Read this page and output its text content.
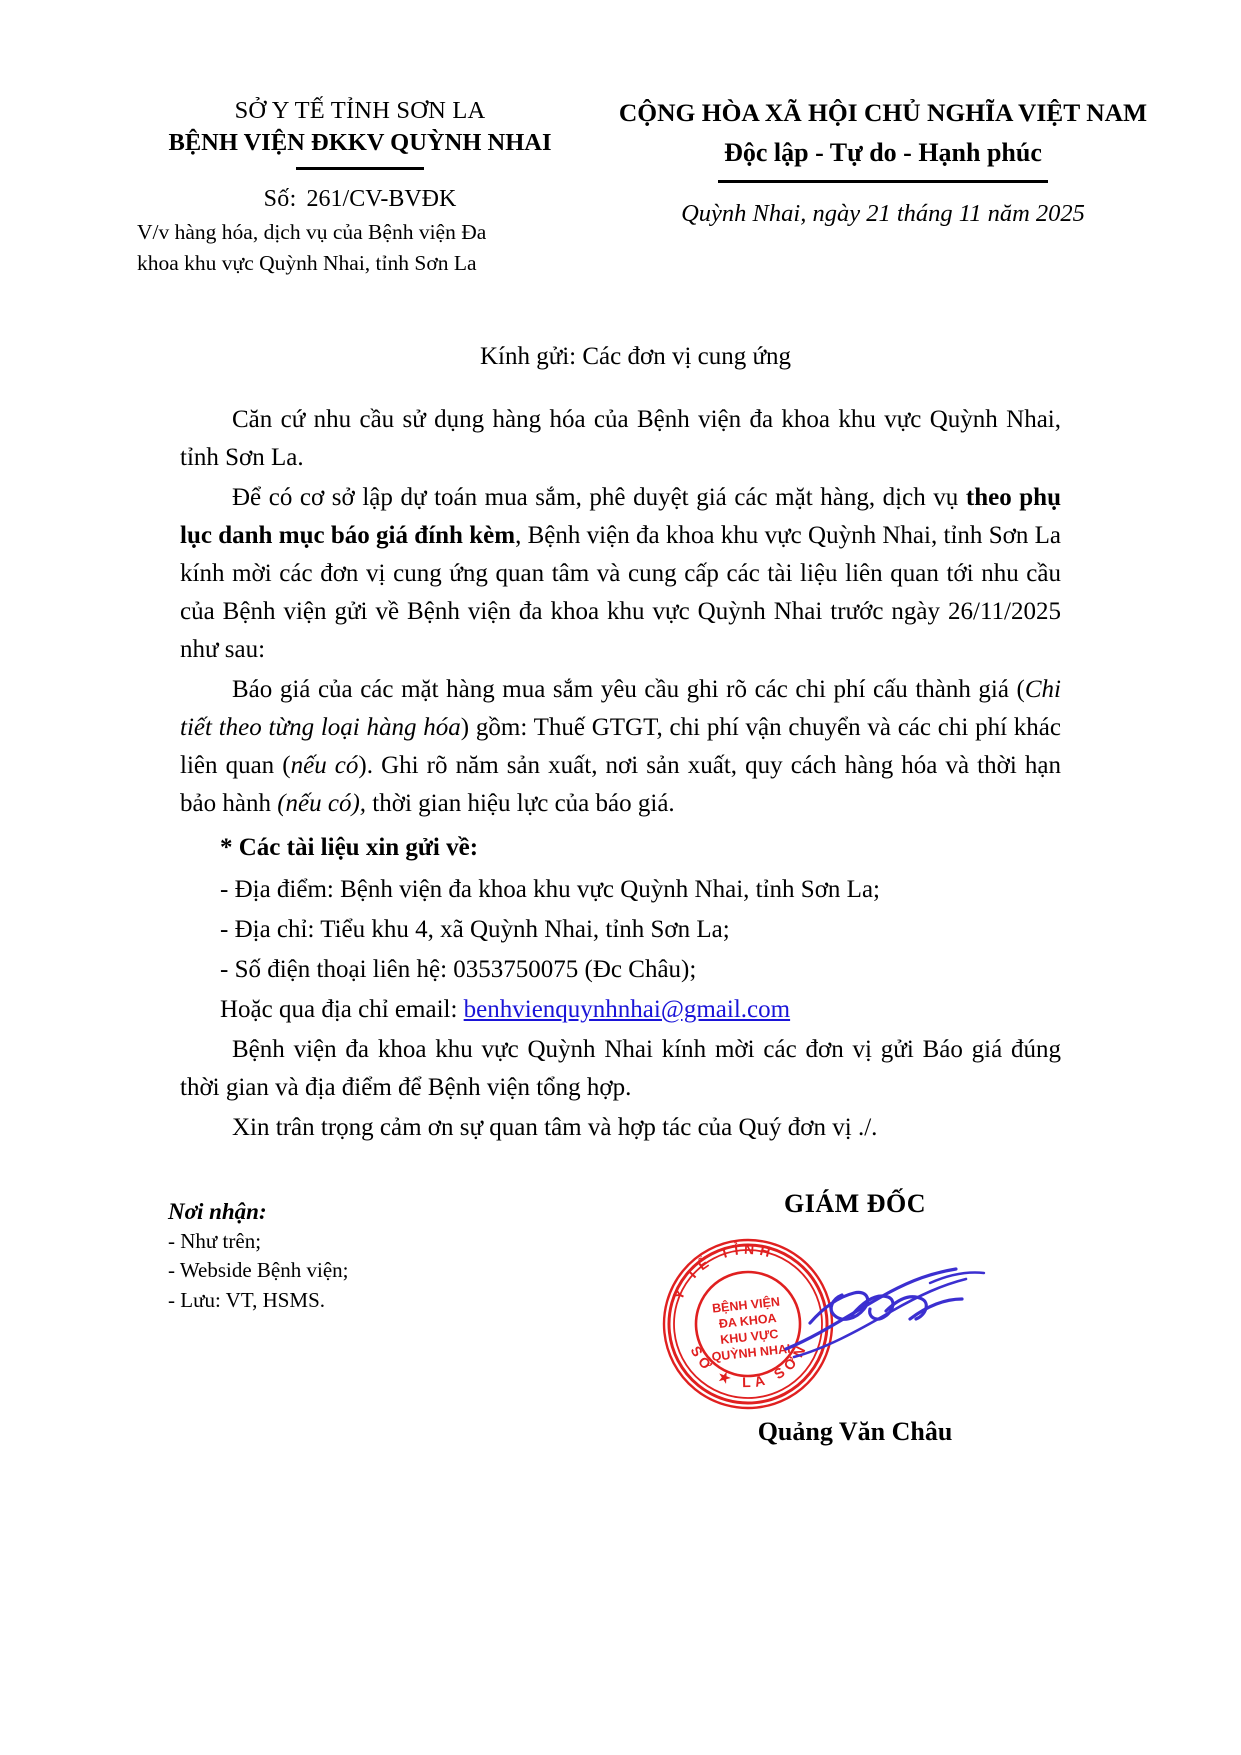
SỞ Y TẾ TỈNH SƠN LA
BỆNH VIỆN ĐKKV QUỲNH NHAI
Số: 261/CV-BVĐK
V/v hàng hóa, dịch vụ của Bệnh viện Đa
khoa khu vực Quỳnh Nhai, tỉnh Sơn La
CỘNG HÒA XÃ HỘI CHỦ NGHĨA VIỆT NAM
Độc lập - Tự do - Hạnh phúc
Quỳnh Nhai, ngày 21 tháng 11 năm 2025
Kính gửi: Các đơn vị cung ứng

Căn cứ nhu cầu sử dụng hàng hóa của Bệnh viện đa khoa khu vực Quỳnh Nhai, tỉnh Sơn La.

Để có cơ sở lập dự toán mua sắm, phê duyệt giá các mặt hàng, dịch vụ theo phụ lục danh mục báo giá đính kèm, Bệnh viện đa khoa khu vực Quỳnh Nhai, tỉnh Sơn La kính mời các đơn vị cung ứng quan tâm và cung cấp các tài liệu liên quan tới nhu cầu của Bệnh viện gửi về Bệnh viện đa khoa khu vực Quỳnh Nhai trước ngày 26/11/2025 như sau:

Báo giá của các mặt hàng mua sắm yêu cầu ghi rõ các chi phí cấu thành giá (Chi tiết theo từng loại hàng hóa) gồm: Thuế GTGT, chi phí vận chuyển và các chi phí khác liên quan (nếu có). Ghi rõ năm sản xuất, nơi sản xuất, quy cách hàng hóa và thời hạn bảo hành (nếu có), thời gian hiệu lực của báo giá.

* Các tài liệu xin gửi về:
- Địa điểm: Bệnh viện đa khoa khu vực Quỳnh Nhai, tỉnh Sơn La;
- Địa chỉ: Tiểu khu 4, xã Quỳnh Nhai, tỉnh Sơn La;
- Số điện thoại liên hệ: 0353750075 (Đc Châu);
Hoặc qua địa chỉ email: benhvienquynhnhai@gmail.com

Bệnh viện đa khoa khu vực Quỳnh Nhai kính mời các đơn vị gửi Báo giá đúng thời gian và địa điểm để Bệnh viện tổng hợp.

Xin trân trọng cảm ơn sự quan tâm và hợp tác của Quý đơn vị ./.

Nơi nhận:
- Như trên;
- Webside Bệnh viện;
- Lưu: VT, HSMS.
GIÁM ĐỐC
Y TẾ TỈNH
SỞ ★ LA SƠN
BỆNH VIỆN
ĐA KHOA
KHU VỰC
QUỲNH NHAI
Quảng Văn Châu
